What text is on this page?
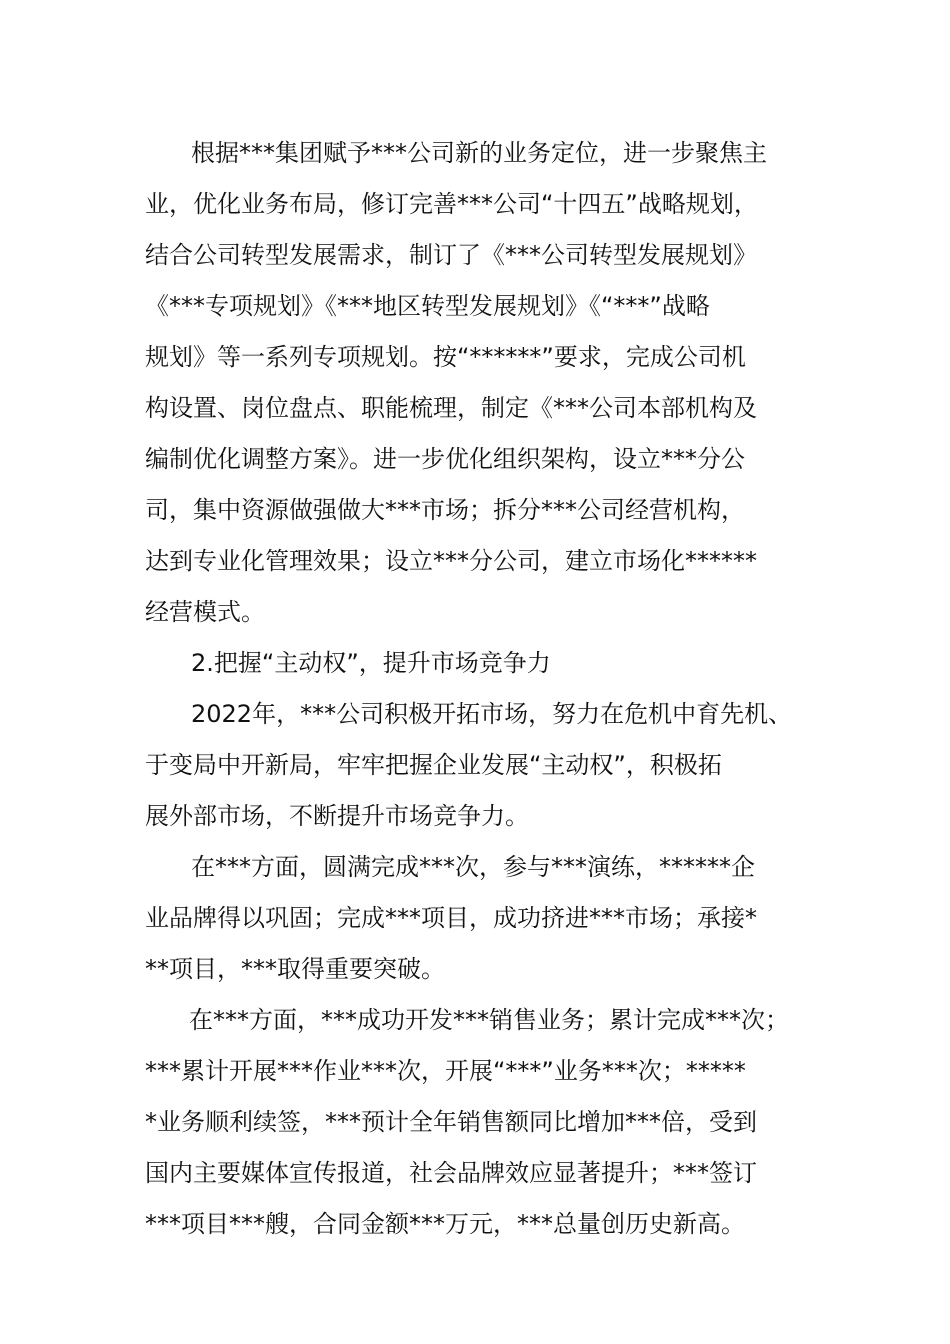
根据***集团赋予***公司新的业务定位，进一步聚焦主
业，优化业务布局，修订完善***公司“十四五”战略规划，
结合公司转型发展需求，制订了《***公司转型发展规划》
《***专项规划》《***地区转型发展规划》《“***”战略
规划》等一系列专项规划。按“******”要求，完成公司机
构设置、岗位盘点、职能梳理，制定《***公司本部机构及
编制优化调整方案》。进一步优化组织架构，设立***分公
司，集中资源做强做大***市场；拆分***公司经营机构，
达到专业化管理效果；设立***分公司，建立市场化******
经营模式。
2.把握“主动权”，提升市场竞争力
2022年，***公司积极开拓市场，努力在危机中育先机、
于变局中开新局，牢牢把握企业发展“主动权”，积极拓
展外部市场，不断提升市场竞争力。
在***方面，圆满完成***次，参与***演练，******企
业品牌得以巩固；完成***项目，成功挤进***市场；承接*
**项目，***取得重要突破。
在***方面，***成功开发***销售业务；累计完成***次；
***累计开展***作业***次，开展“***”业务***次；*****
*业务顺利续签，***预计全年销售额同比增加***倍，受到
国内主要媒体宣传报道，社会品牌效应显著提升；***签订
***项目***艘，合同金额***万元，***总量创历史新高。
